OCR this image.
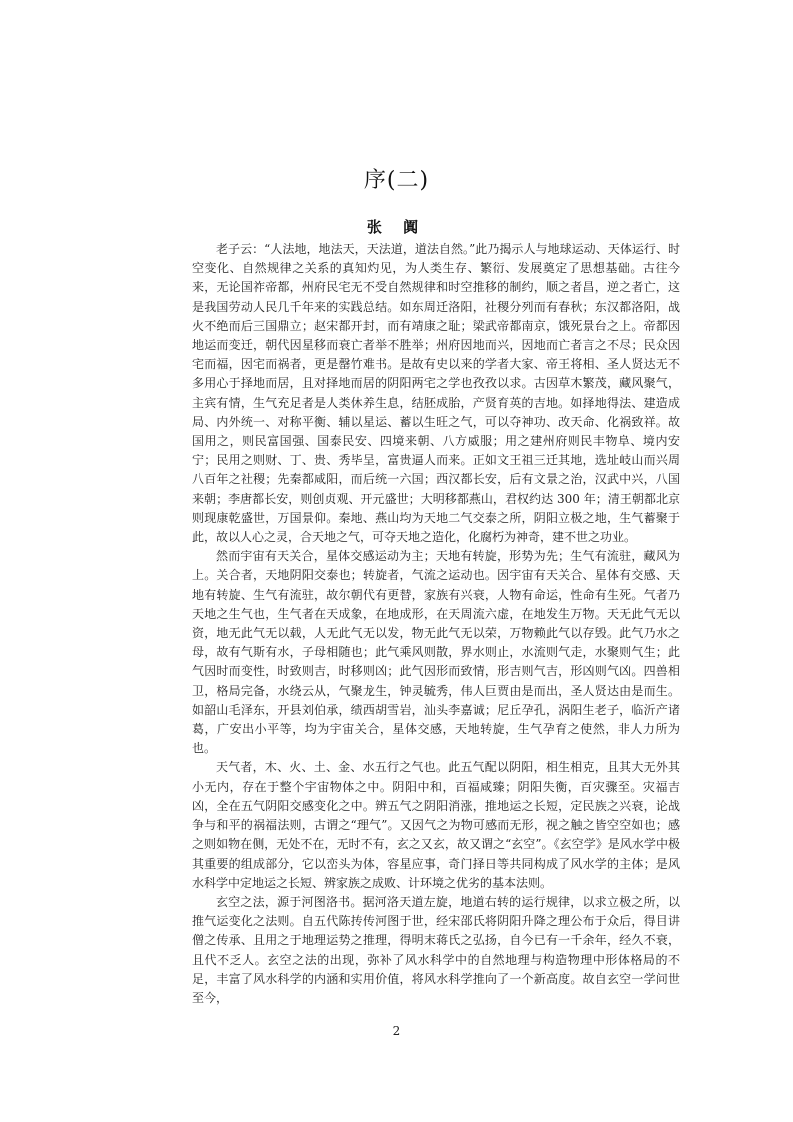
序(二)
张 阗

老子云：“人法地，地法天，天法道，道法自然。”此乃揭示人与地球运动、天体运行、时空变化、自然规律之关系的真知灼见，为人类生存、繁衍、发展奠定了思想基础。古往今来，无论国祚帝都，州府民宅无不受自然规律和时空推移的制约，顺之者昌，逆之者亡，这是我国劳动人民几千年来的实践总结。如东周迁洛阳，社稷分列而有春秋；东汉都洛阳，战火不绝而后三国鼎立；赵宋都开封，而有靖康之耻；梁武帝都南京，饿死景台之上。帝都因地运而变迁，朝代因星移而衰亡者举不胜举；州府因地而兴，因地而亡者言之不尽；民众因宅而福，因宅而祸者，更是罄竹难书。是故有史以来的学者大家、帝王将相、圣人贤达无不多用心于择地而居，且对择地而居的阴阳两宅之学也孜孜以求。古因草木繁茂，藏风聚气，主宾有情，生气充足者是人类休养生息，结胚成胎，产贤育英的吉地。如择地得法、建造成局、内外统一、对称平衡、辅以星运、蓄以生旺之气，可以夺神功、改天命、化祸致祥。故国用之，则民富国强、国泰民安、四境来朝、八方威服；用之建州府则民丰物阜、境内安宁；民用之则财、丁、贵、秀毕呈，富贵逼人而来。正如文王祖三迁其地，选址岐山而兴周八百年之社稷；先秦都咸阳，而后统一六国；西汉都长安，后有文景之治，汉武中兴，八国来朝；李唐都长安，则创贞观、开元盛世；大明移都燕山，君权约达 300 年；清王朝都北京则现康乾盛世，万国景仰。秦地、燕山均为天地二气交泰之所，阴阳立极之地，生气蓄聚于此，故以人心之灵，合天地之气，可夺天地之造化，化腐朽为神奇，建不世之功业。

然而宇宙有天关合，星体交感运动为主；天地有转旋，形势为先；生气有流驻，藏风为上。关合者，天地阴阳交泰也；转旋者，气流之运动也。因宇宙有天关合、星体有交感、天地有转旋、生气有流驻，故尔朝代有更替，家族有兴衰，人物有命运，性命有生死。气者乃天地之生气也，生气者在天成象，在地成形，在天周流六虚，在地发生万物。天无此气无以资，地无此气无以载，人无此气无以发，物无此气无以荣，万物赖此气以存毁。此气乃水之母，故有气斯有水，子母相随也；此气乘风则散，界水则止，水流则气走，水聚则气生；此气因时而变性，时致则吉，时移则凶；此气因形而致情，形吉则气吉，形凶则气凶。四兽相卫，格局完备，水绕云从，气聚龙生，钟灵毓秀，伟人巨贾由是而出，圣人贤达由是而生。如韶山毛泽东，开县刘伯承，绩西胡雪岩，汕头李嘉诚；尼丘孕孔，涡阳生老子，临沂产诸葛，广安出小平等，均为宇宙关合，星体交感，天地转旋，生气孕育之使然，非人力所为也。

天气者，木、火、土、金、水五行之气也。此五气配以阴阳，相生相克，且其大无外其小无内，存在于整个宇宙物体之中。阴阳中和，百福咸臻；阴阳失衡，百灾骤至。灾福吉凶，全在五气阴阳交感变化之中。辨五气之阴阳消涨，推地运之长短，定民族之兴衰，论战争与和平的祸福法则，古谓之“理气”。又因气之为物可感而无形，视之触之皆空空如也；感之则如物在侧，无处不在，无时不有，玄之又玄，故又谓之“玄空”。《玄空学》是风水学中极其重要的组成部分，它以峦头为体，容星应事，奇门择日等共同构成了风水学的主体；是风水科学中定地运之长短、辨家族之成败、计环境之优劣的基本法则。

玄空之法，源于河图洛书。据河洛天道左旋，地道右转的运行规律，以求立极之所，以推气运变化之法则。自五代陈抟传河图于世，经宋邵氏将阴阳升降之理公布于众后，得目讲僧之传承、且用之于地理运势之推理，得明末蒋氏之弘扬，自今已有一千余年，经久不衰，且代不乏人。玄空之法的出现，弥补了风水科学中的自然地理与构造物理中形体格局的不足，丰富了风水科学的内涵和实用价值，将风水科学推向了一个新高度。故自玄空一学问世至今，

2
